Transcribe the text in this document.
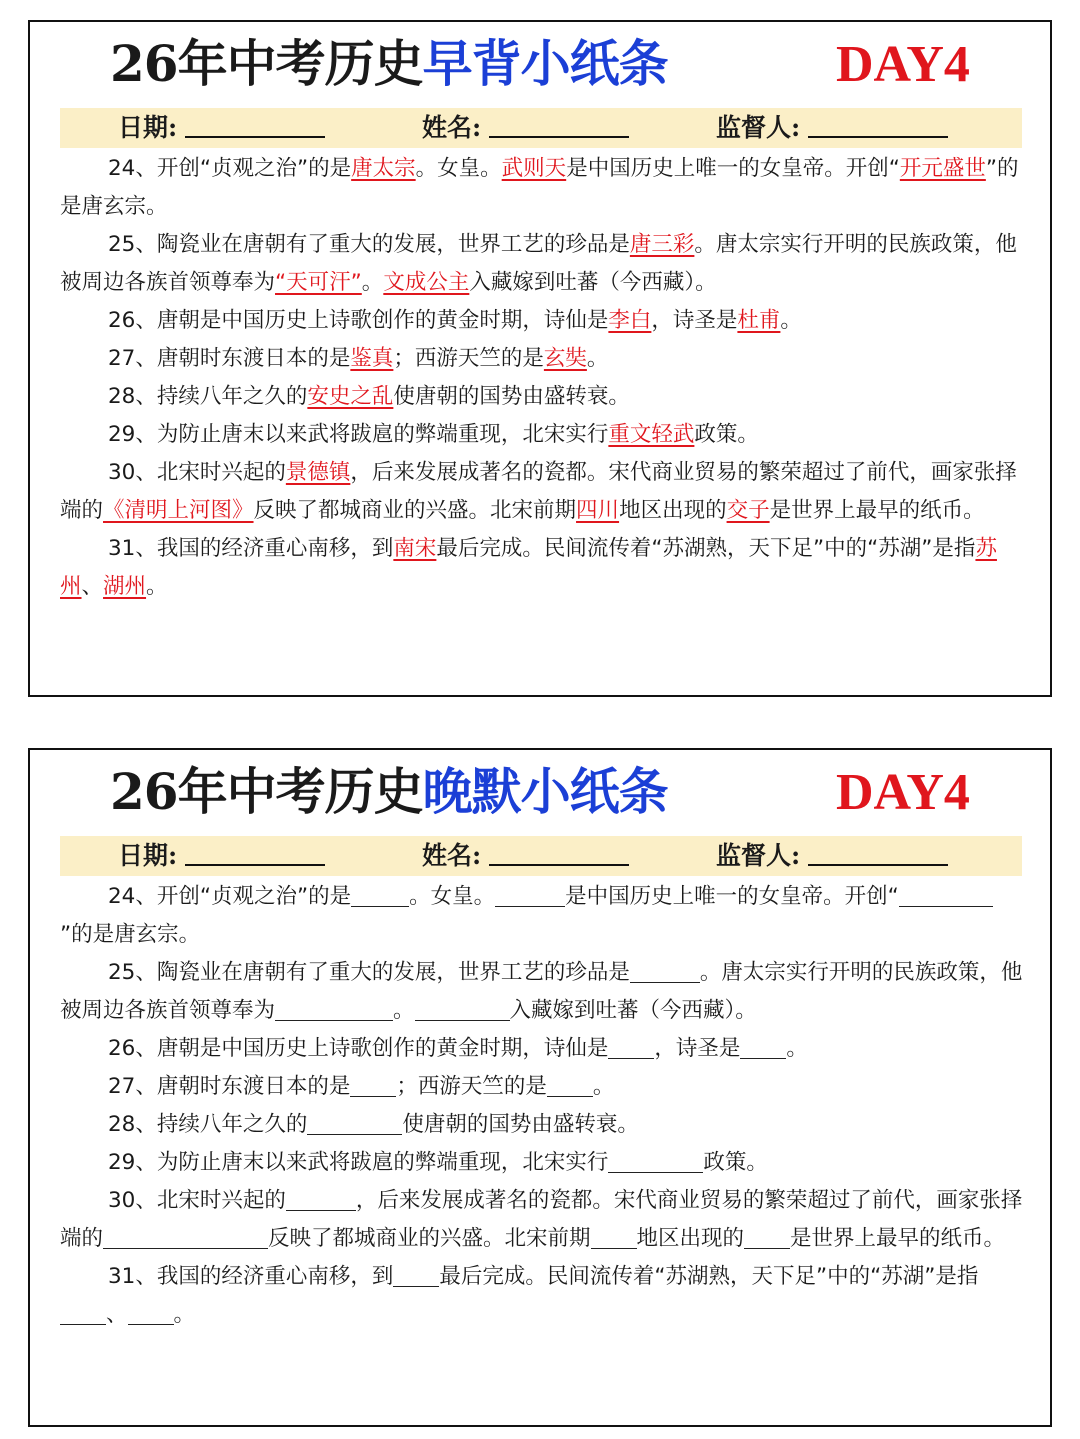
26年中考历史早背小纸条	DAY4
日期:	姓名:	监督人:

24、开创“贞观之治”的是唐太宗。女皇。武则天是中国历史上唯一的女皇帝。开创“开元盛世”的是唐玄宗。

25、陶瓷业在唐朝有了重大的发展，世界工艺的珍品是唐三彩。唐太宗实行开明的民族政策，他被周边各族首领尊奉为“天可汗”。文成公主入藏嫁到吐蕃（今西藏）。

26、唐朝是中国历史上诗歌创作的黄金时期，诗仙是李白，诗圣是杜甫。

27、唐朝时东渡日本的是鉴真；西游天竺的是玄奘。

28、持续八年之久的安史之乱使唐朝的国势由盛转衰。

29、为防止唐末以来武将跋扈的弊端重现，北宋实行重文轻武政策。

30、北宋时兴起的景德镇，后来发展成著名的瓷都。宋代商业贸易的繁荣超过了前代，画家张择端的《清明上河图》反映了都城商业的兴盛。北宋前期四川地区出现的交子是世界上最早的纸币。

31、我国的经济重心南移，到南宋最后完成。民间流传着“苏湖熟，天下足”中的“苏湖”是指苏州、湖州。

26年中考历史晚默小纸条	DAY4
日期:	姓名:	监督人:

24、开创“贞观之治”的是	。女皇。	是中国历史上唯一的女皇帝。开创“”的是唐玄宗。

25、陶瓷业在唐朝有了重大的发展，世界工艺的珍品是	。唐太宗实行开明的民族政策，他被周边各族首领尊奉为	。	入藏嫁到吐蕃（今西藏）。

26、唐朝是中国历史上诗歌创作的黄金时期，诗仙是 ，诗圣是 。

27、唐朝时东渡日本的是 ；西游天竺的是 。

28、持续八年之久的	使唐朝的国势由盛转衰。

29、为防止唐末以来武将跋扈的弊端重现，北宋实行	政策。

30、北宋时兴起的	，后来发展成著名的瓷都。宋代商业贸易的繁荣超过了前代，画家张择端的	反映了都城商业的兴盛。北宋前期 地区出现的 是世界上最早的纸币。

31、我国的经济重心南移，到 最后完成。民间流传着“苏湖熟，天下足”中的“苏湖”是指、 。
